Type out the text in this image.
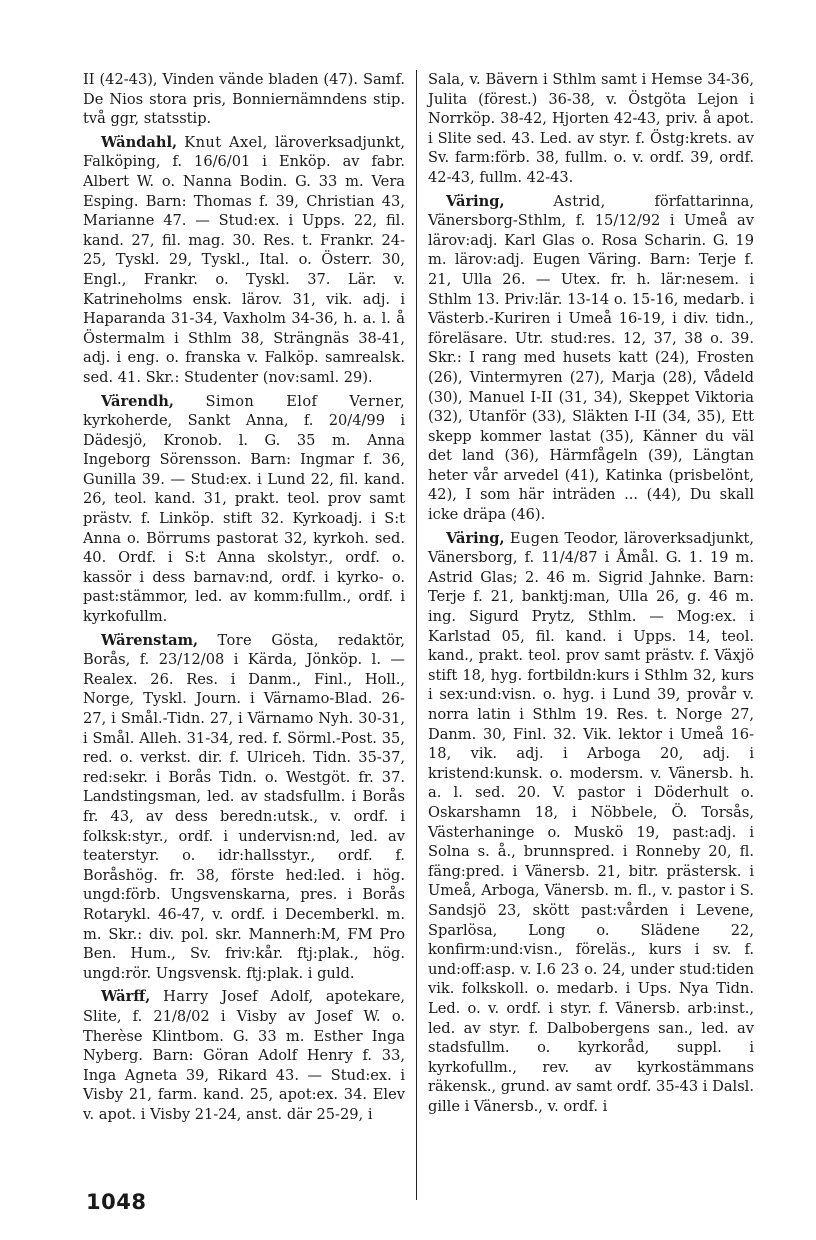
II (42-43), Vinden vände bladen (47). Samf. De Nios stora pris, Bonniernämndens stip. två ggr, statsstip.

Wändahl, Knut Axel, läroverksadjunkt, Falköping, f. 16/6/01 i Enköp. av fabr. Albert W. o. Nanna Bodin. G. 33 m. Vera Esping. Barn: Thomas f. 39, Christian 43, Marianne 47. — Stud:ex. i Upps. 22, fil. kand. 27, fil. mag. 30. Res. t. Frankr. 24-25, Tyskl. 29, Tyskl., Ital. o. Österr. 30, Engl., Frankr. o. Tyskl. 37. Lär. v. Katrineholms ensk. lärov. 31, vik. adj. i Haparanda 31-34, Vaxholm 34-36, h. a. l. å Östermalm i Sthlm 38, Strängnäs 38-41, adj. i eng. o. franska v. Falköp. samrealsk. sed. 41. Skr.: Studenter (nov:saml. 29).

Värendh, Simon Elof Verner, kyrkoherde, Sankt Anna, f. 20/4/99 i Dädesjö, Kronob. l. G. 35 m. Anna Ingeborg Sörensson. Barn: Ingmar f. 36, Gunilla 39. — Stud:ex. i Lund 22, fil. kand. 26, teol. kand. 31, prakt. teol. prov samt prästv. f. Linköp. stift 32. Kyrkoadj. i S:t Anna o. Börrums pastorat 32, kyrkoh. sed. 40. Ordf. i S:t Anna skolstyr., ordf. o. kassör i dess barnav:nd, ordf. i kyrko- o. past:stämmor, led. av komm:fullm., ordf. i kyrkofullm.

Wärenstam, Tore Gösta, redaktör, Borås, f. 23/12/08 i Kärda, Jönköp. l. — Realex. 26. Res. i Danm., Finl., Holl., Norge, Tyskl. Journ. i Värnamo-Blad. 26-27, i Smål.-Tidn. 27, i Värnamo Nyh. 30-31, i Smål. Alleh. 31-34, red. f. Sörml.-Post. 35, red. o. verkst. dir. f. Ulriceh. Tidn. 35-37, red:sekr. i Borås Tidn. o. Westgöt. fr. 37. Landstingsman, led. av stadsfullm. i Borås fr. 43, av dess beredn:utsk., v. ordf. i folksk:styr., ordf. i undervisn:nd, led. av teaterstyr. o. idr:hallsstyr., ordf. f. Boråshög. fr. 38, förste hed:led. i hög. ungd:förb. Ungsvenskarna, pres. i Borås Rotarykl. 46-47, v. ordf. i Decemberkl. m. m. Skr.: div. pol. skr. Mannerh:M, FM Pro Ben. Hum., Sv. friv:kår. ftj:plak., hög. ungd:rör. Ungsvensk. ftj:plak. i guld.

Wärff, Harry Josef Adolf, apotekare, Slite, f. 21/8/02 i Visby av Josef W. o. Therèse Klintbom. G. 33 m. Esther Inga Nyberg. Barn: Göran Adolf Henry f. 33, Inga Agneta 39, Rikard 43. — Stud:ex. i Visby 21, farm. kand. 25, apot:ex. 34. Elev v. apot. i Visby 21-24, anst. där 25-29, i

Sala, v. Bävern i Sthlm samt i Hemse 34-36, Julita (förest.) 36-38, v. Östgöta Lejon i Norrköp. 38-42, Hjorten 42-43, priv. å apot. i Slite sed. 43. Led. av styr. f. Östg:krets. av Sv. farm:förb. 38, fullm. o. v. ordf. 39, ordf. 42-43, fullm. 42-43.

Väring,	Astrid,	författarinna, Vänersborg-Sthlm, f. 15/12/92 i Umeå av lärov:adj. Karl Glas o. Rosa Scharin. G. 19 m. lärov:adj. Eugen Väring. Barn: Terje f. 21, Ulla 26. — Utex. fr. h. lär:nesem. i Sthlm 13. Priv:lär. 13-14 o. 15-16, medarb. i Västerb.-Kuriren i Umeå 16-19, i div. tidn., föreläsare. Utr. stud:res. 12, 37, 38 o. 39. Skr.: I rang med husets katt (24), Frosten (26), Vintermyren (27), Marja (28), Vådeld (30), Manuel I-II (31, 34), Skeppet Viktoria (32), Utanför (33), Släkten I-II (34, 35), Ett skepp kommer lastat (35), Känner du väl det land (36), Härmfågeln (39), Längtan heter vår arvedel (41), Katinka (prisbelönt, 42), I som här inträden ... (44), Du skall icke dräpa (46).

Väring, Eugen Teodor, läroverksadjunkt, Vänersborg, f. 11/4/87 i Åmål. G. 1. 19 m. Astrid Glas; 2. 46 m. Sigrid Jahnke. Barn: Terje f. 21, banktj:man, Ulla 26, g. 46 m. ing. Sigurd Prytz, Sthlm. — Mog:ex. i Karlstad 05, fil. kand. i Upps. 14, teol. kand., prakt. teol. prov samt prästv. f. Växjö stift 18, hyg. fortbildn:kurs i Sthlm 32, kurs i sex:und:visn. o. hyg. i Lund 39, provår v. norra latin i Sthlm 19. Res. t. Norge 27, Danm. 30, Finl. 32. Vik. lektor i Umeå 16-18, vik. adj. i Arboga 20, adj. i kristend:kunsk. o. modersm. v. Vänersb. h. a. l. sed. 20. V. pastor i Döderhult o. Oskarshamn 18, i Nöbbele, Ö. Torsås, Västerhaninge o. Muskö 19, past:adj. i Solna s. å., brunnspred. i Ronneby 20, fl. fäng:pred. i Vänersb. 21, bitr. prästersk. i Umeå, Arboga, Vänersb. m. fl., v. pastor i S. Sandsjö 23, skött past:vården i Levene, Sparlösa, Long o. Slädene 22, konfirm:und:visn., föreläs., kurs i sv. f. und:off:asp. v. I.6 23 o. 24, under stud:tiden vik. folkskoll. o. medarb. i Ups. Nya Tidn. Led. o. v. ordf. i styr. f. Vänersb. arb:inst., led. av styr. f. Dalbobergens san., led. av stadsfullm. o. kyrkoråd, suppl. i kyrkofullm., rev. av kyrkostämmans räkensk., grund. av samt ordf. 35-43 i Dalsl. gille i Vänersb., v. ordf. i

1048
